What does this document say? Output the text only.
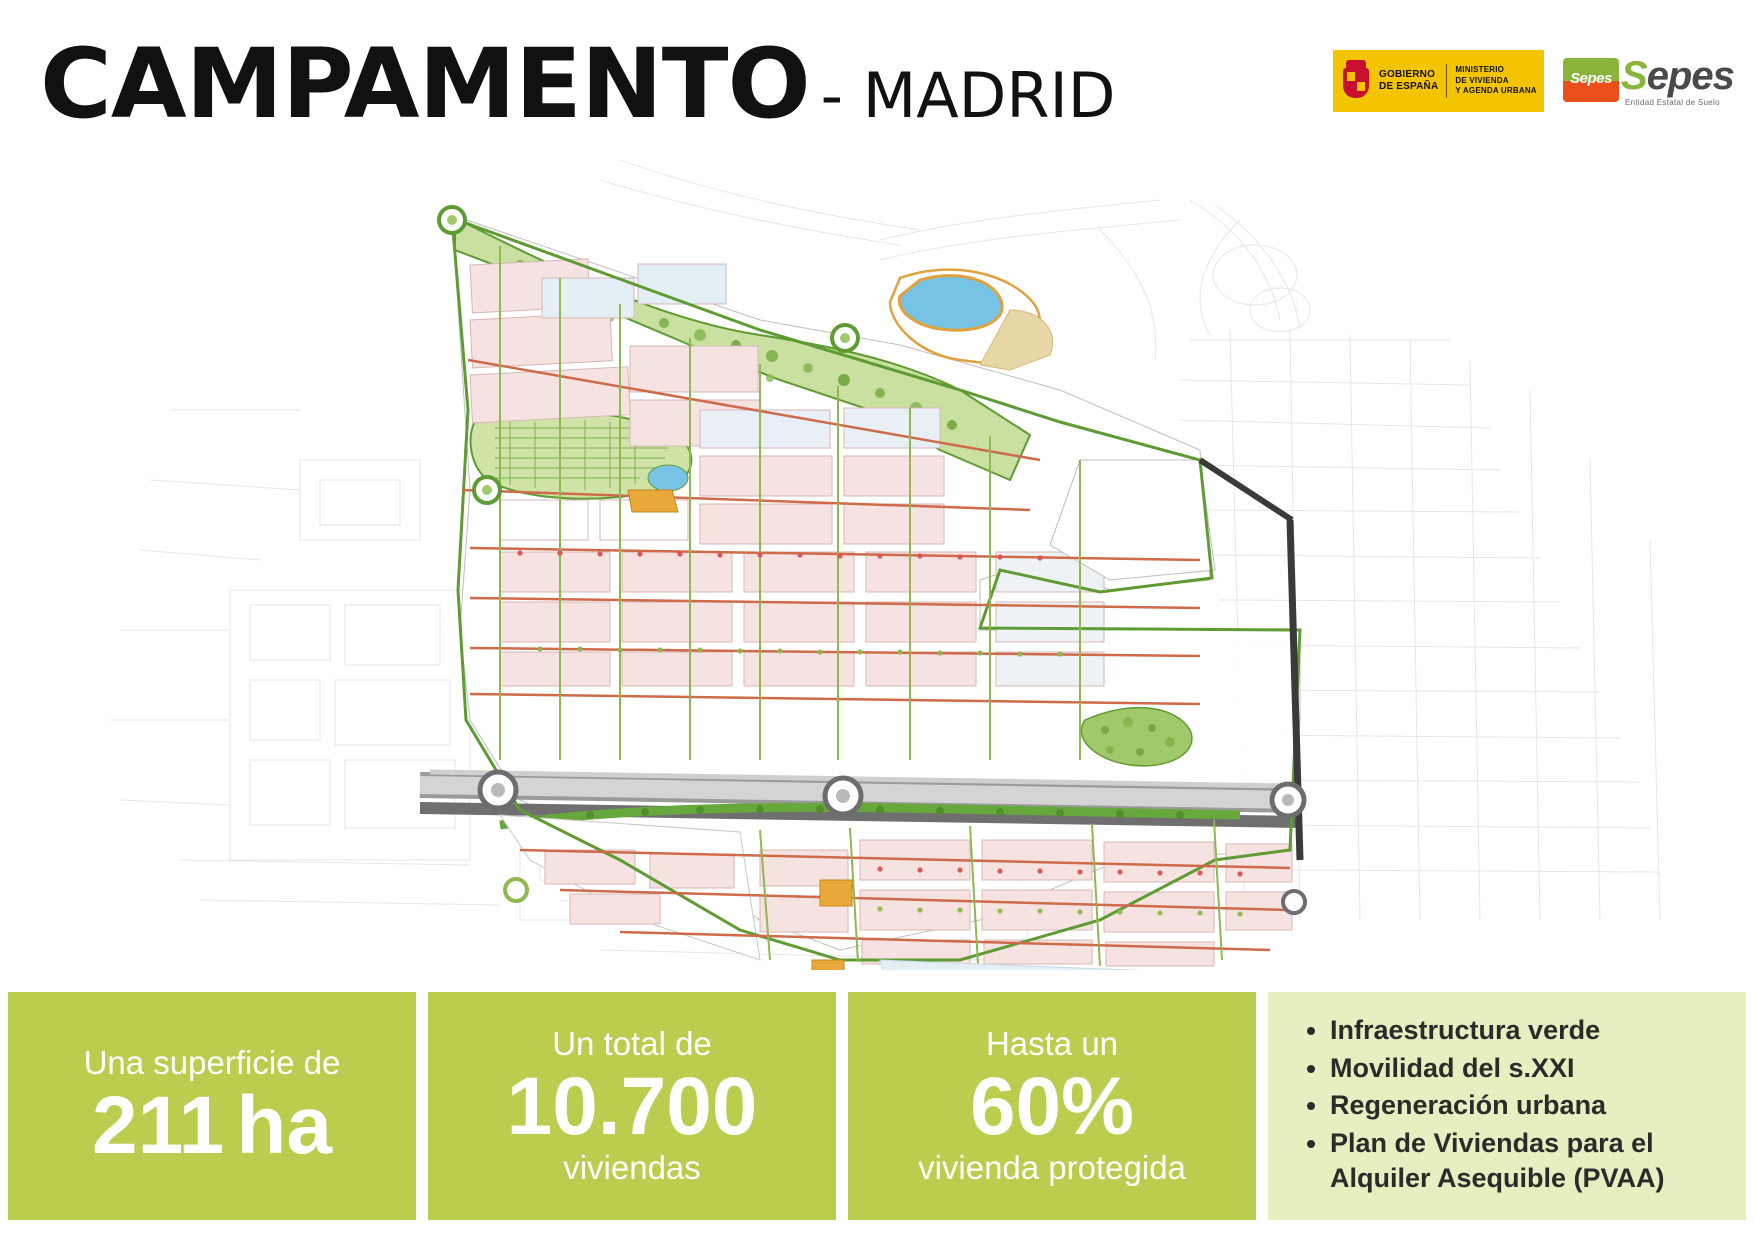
CAMPAMENTO - MADRID	GOBIERNO
DE ESPAÑA
MINISTERIO
DE VIVIENDA
Y AGENDA URBANA
Sepes Sepes
Entidad Estatal de Suelo
Una superficie de
211 ha
Un total de
10.700
viviendas
Hasta un
60%
vivienda protegida
• Infraestructura verde
• Movilidad del s.XXI
• Regeneración urbana
• Plan de Viviendas para el Alquiler Asequible (PVAA)
